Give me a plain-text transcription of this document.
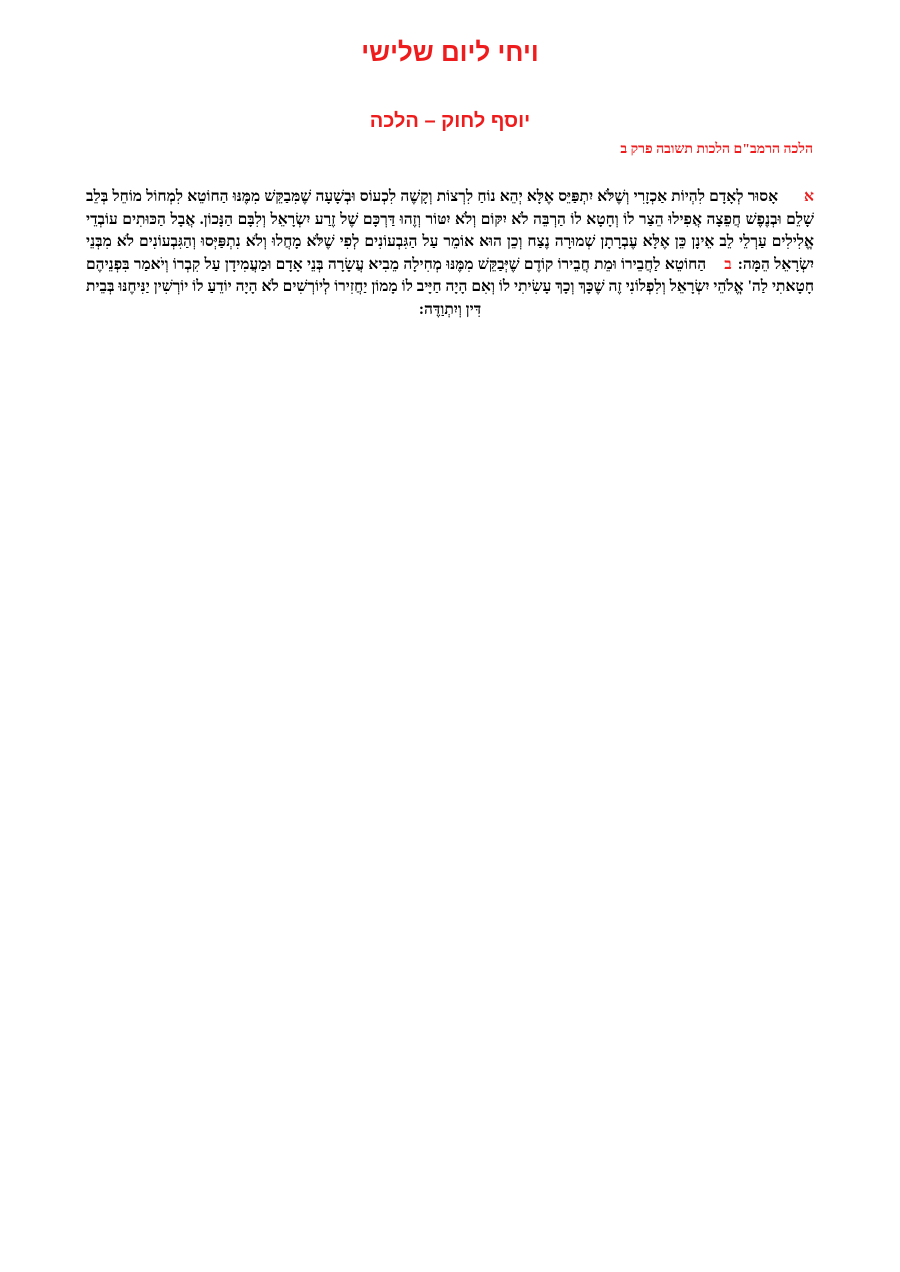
ויחי ליום שלישי
יוסף לחוק – הלכה
הלכה הרמב"ם הלכות תשובה פרק ב
אאָסוּר לְאָדָם לִהְיוֹת אַכְזָרִי וְשֶׁלֹּא יִתְפַּיֵּס אֶלָּא יְהֵא נוֹחַ לִרְצוֹת וְקָשֶׁה לִכְעוֹס וּבְשָׁעָה שֶׁמִּבַקֵּשׁ מִמֶּנּוּ הַחוֹטֵא לִמְחוֹל מוֹחֵל בְּלֵב שָׁלֵם וּבְנֶפֶשׁ חֲפֵצָה אֲפִילוּ הֵצַר לוֹ וְחָטָא לוֹ הַרְבֵּה לֹא יִקּוֹם וְלֹא יִטּוֹר וְזֶהוּ דַּרְכָּם שֶׁל זֶרַע יִשְׂרָאֵל וְלִבָּם הַנָּכוֹן. אֲבָל הַכּוּתִים עוֹבְדֵי אֱלִילִים עַרְלֵי לֵב אֵינָן כֵּן אֶלָּא עֶבְרָתָן שְׁמוּרָה נֶצַח וְכֵן הוּא אוֹמֵר עַל הַגִּבְעוֹנִים לְפִי שֶׁלֹּא מָחֲלוּ וְלֹא נִתְפַּיְּסוּ וְהַגִּבְעוֹנִים לֹא מִבְּנֵי יִשְׂרָאֵל הֵמָּה:בהַחוֹטֵא לַחֲבֵירוֹ וּמֵת חֲבֵירוֹ קוֹדֶם שֶׁיְּבַקֵּשׁ מִמֶּנּוּ מְחִילָה מֵבִיא עֲשָׂרָה בְּנֵי אָדָם וּמַעֲמִידָן עַל קִבְרוֹ וְיֹאמַר בִּפְנֵיהֶם חָטָאתִי לַה' אֱלֹהֵי יִשְׂרָאֵל וְלִפְלוֹנִי זֶה שֶׁכָּךְ וְכָךְ עָשִׂיתִי לוֹ וְאִם הָיָה חַיָּיב לוֹ מָמוֹן יַחֲזִירוֹ לְיוֹרְשִׁים לֹא הָיָה יוֹדֵעַ לוֹ יוֹרְשִׁין יַנִּיחֶנּוּ בְּבֵית דִּין וְיִתְוַדֶּה:
